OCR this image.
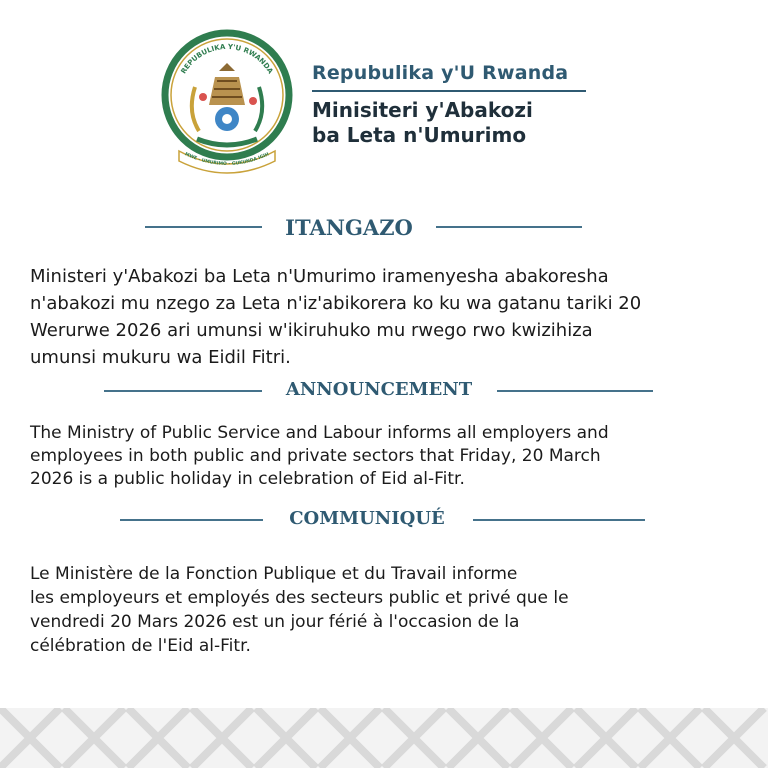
REPUBULIKA Y'U RWANDA
MWE - UMURIMO - GUKUNDA IGIH
Repubulika y'U Rwanda
Minisiteri y'Abakozi
ba Leta n'Umurimo
ITANGAZO

Ministeri y'Abakozi ba Leta n'Umurimo iramenyesha abakoresha
n'abakozi mu nzego za Leta n'iz'abikorera ko ku wa gatanu tariki 20
Werurwe 2026 ari umunsi w'ikiruhuko mu rwego rwo kwizihiza
umunsi mukuru wa Eidil Fitri.

ANNOUNCEMENT

The Ministry of Public Service and Labour informs all employers and
employees in both public and private sectors that Friday, 20 March
2026 is a public holiday in celebration of Eid al-Fitr.

COMMUNIQUÉ

Le Ministère de la Fonction Publique et du Travail informe
les employeurs et employés des secteurs public et privé que le
vendredi 20 Mars 2026 est un jour férié à l'occasion de la
célébration de l'Eid al-Fitr.
